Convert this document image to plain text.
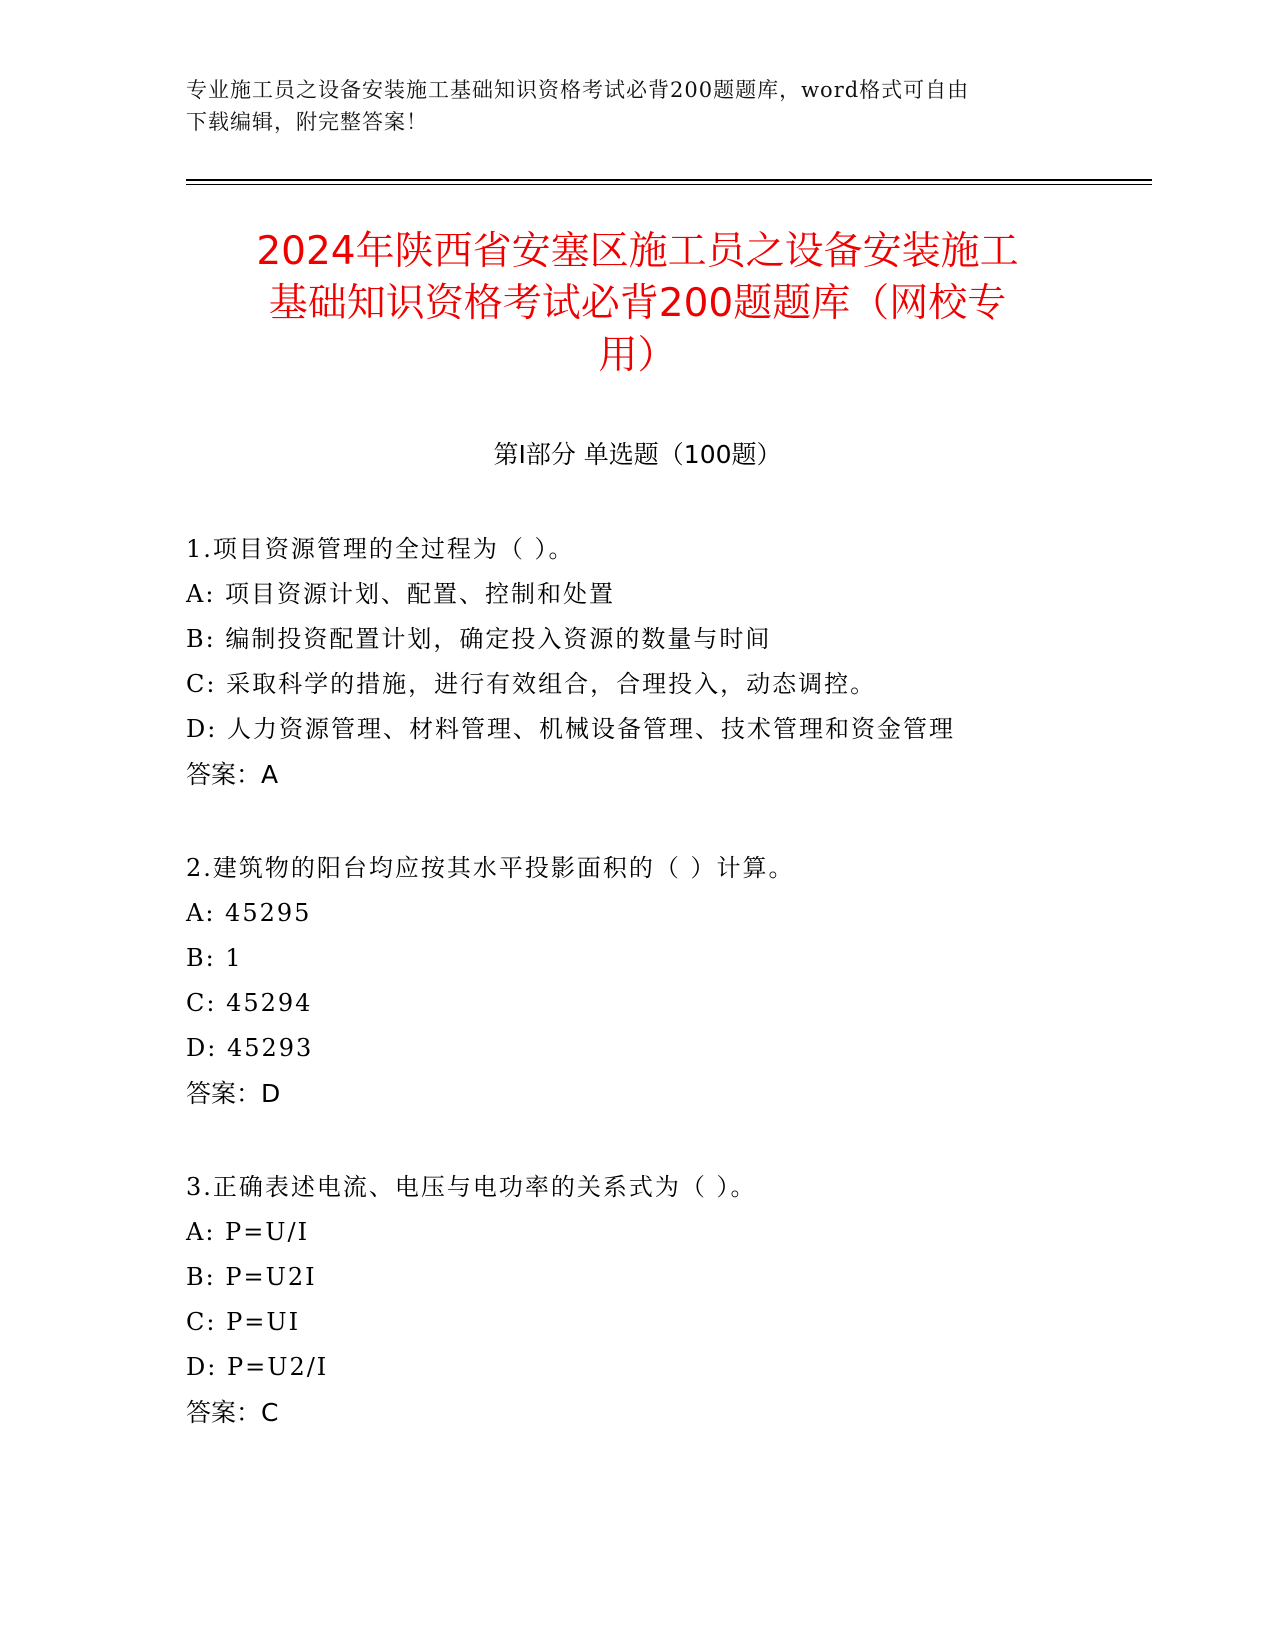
专业施工员之设备安装施工基础知识资格考试必背200题题库，word格式可自由
下载编辑，附完整答案！
2024年陕西省安塞区施工员之设备安装施工
基础知识资格考试必背200题题库（网校专
用）
第I部分 单选题（100题）
1.项目资源管理的全过程为（ ）。
A: 项目资源计划、配置、控制和处置
B: 编制投资配置计划，确定投入资源的数量与时间
C: 采取科学的措施，进行有效组合，合理投入，动态调控。
D: 人力资源管理、材料管理、机械设备管理、技术管理和资金管理
答案：A
2.建筑物的阳台均应按其水平投影面积的（ ）计算。
A: 45295
B: 1
C: 45294
D: 45293
答案：D
3.正确表述电流、电压与电功率的关系式为（ ）。
A: P=U/I
B: P=U2I
C: P=UI
D: P=U2/I
答案：C
